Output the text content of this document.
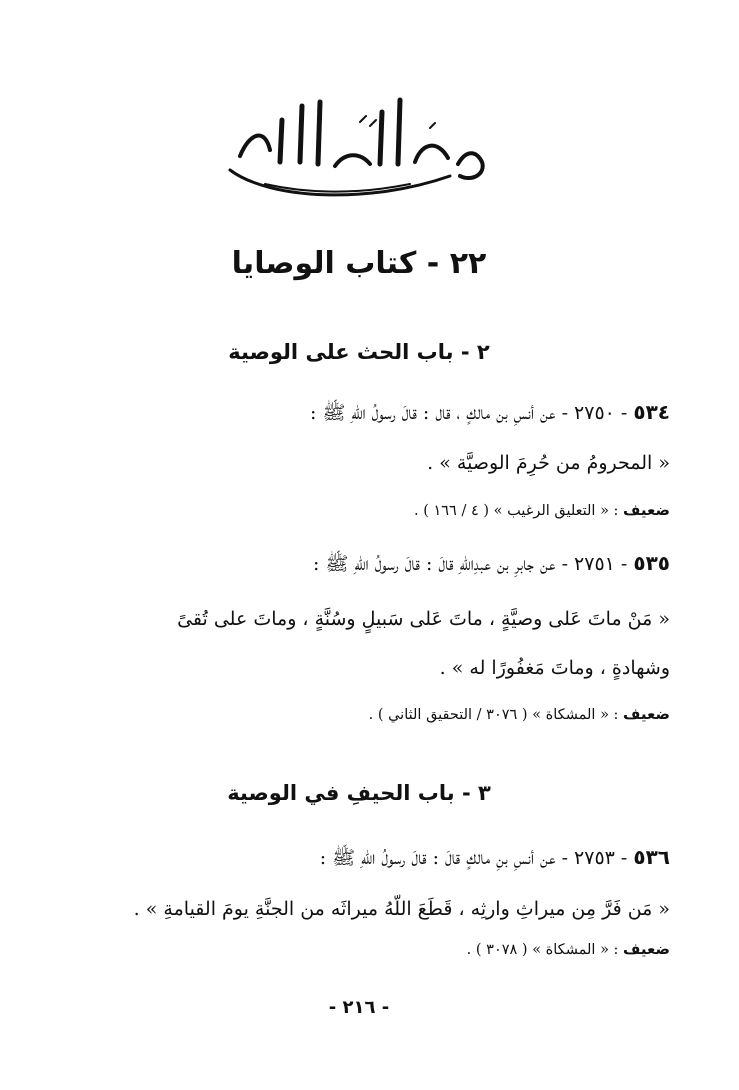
٢٢ - كتاب الوصايا
٢ - باب الحث على الوصية
٥٣٤ - ٢٧٥٠ - عن أنسِ بن مالكٍ ، قال : قالَ رسولُ اللّهِ ﷺ :
« المحرومُ من حُرِمَ الوصيَّة » .
ضعيف : « التعليق الرغيب » ( ٤ / ١٦٦ ) .
٥٣٥ - ٢٧٥١ - عن جابرِ بن عبدِاللهِ قالَ : قالَ رسولُ اللّهِ ﷺ :
« مَنْ ماتَ عَلى وصيَّةٍ ، ماتَ عَلى سَبيلٍ وسُنَّةٍ ، وماتَ على تُقىً
وشهادةٍ ، وماتَ مَغفُورًا له » .
ضعيف : « المشكاة » ( ٣٠٧٦ / التحقيق الثاني ) .
٣ - باب الحيفِ في الوصية
٥٣٦ - ٢٧٥٣ - عن أنسِ بنِ مالكٍ قالَ : قالَ رسولُ اللّهِ ﷺ :
« مَن فَرَّ مِن ميراثِ وارثِه ، قَطَعَ اللّهُ ميراثَه من الجنَّةِ يومَ القيامةِ » .
ضعيف : « المشكاة » ( ٣٠٧٨ ) .
- ٢١٦ -
